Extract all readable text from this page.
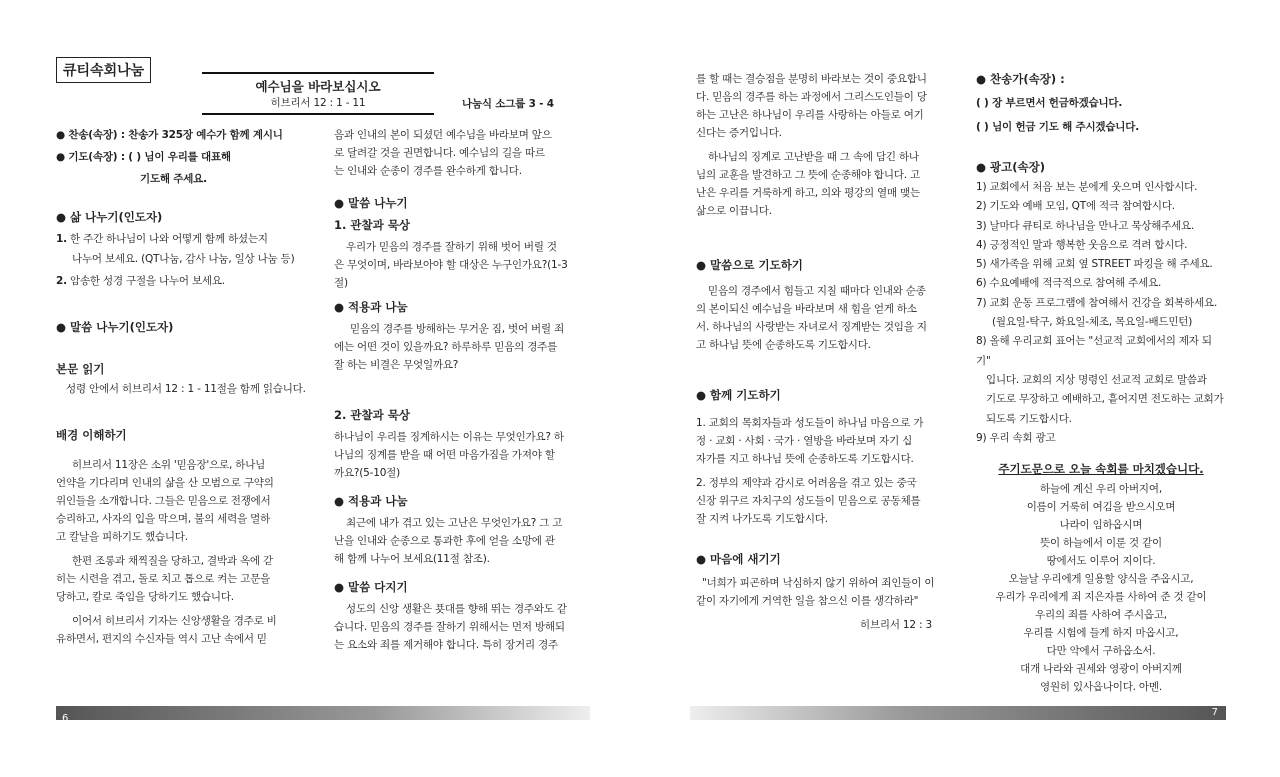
큐티속회나눔
예수님을 바라보십시오
히브리서 12 : 1 - 11	나눔식 소그룹 3 - 4
● 찬송(속장) : 찬송가 325장 예수가 함께 계시니
● 기도(속장) : ( ) 님이 우리를 대표해
기도해 주세요.
● 삶 나누기(인도자)
1. 한 주간 하나님이 나와 어떻게 함께 하셨는지
나누어 보세요. (QT나눔, 감사 나눔, 일상 나눔 등)
2. 암송한 성경 구절을 나누어 보세요.
● 말씀 나누기(인도자)
본문 읽기
성령 안에서 히브리서 12 : 1 - 11절을 함께 읽습니다.
배경 이해하기
히브리서 11장은 소위 '믿음장'으로, 하나님
언약을 기다리며 인내의 삶을 산 모범으로 구약의
위인들을 소개합니다. 그들은 믿음으로 전쟁에서
승리하고, 사자의 입을 막으며, 불의 세력을 멸하
고 칼날을 피하기도 했습니다.
한편 조롱과 채찍질을 당하고, 결박과 옥에 갇
히는 시련을 겪고, 돌로 치고 톱으로 켜는 고문을
당하고, 칼로 죽임을 당하기도 했습니다.
이어서 히브리서 기자는 신앙생활을 경주로 비
유하면서, 편지의 수신자들 역시 고난 속에서 믿
음과 인내의 본이 되셨던 예수님을 바라보며 앞으
로 달려갈 것을 권면합니다. 예수님의 길을 따르
는 인내와 순종이 경주를 완수하게 합니다.
● 말씀 나누기
1. 관찰과 묵상
우리가 믿음의 경주를 잘하기 위해 벗어 버릴 것
은 무엇이며, 바라보아야 할 대상은 누구인가요?(1-3
절)
● 적용과 나눔
믿음의 경주를 방해하는 무거운 짐, 벗어 버릴 죄
에는 어떤 것이 있을까요? 하루하루 믿음의 경주를
잘 하는 비결은 무엇일까요?
2. 관찰과 묵상
하나님이 우리를 징계하시는 이유는 무엇인가요? 하
나님의 징계를 받을 때 어떤 마음가짐을 가져야 할
까요?(5-10절)
● 적용과 나눔
최근에 내가 겪고 있는 고난은 무엇인가요? 그 고
난을 인내와 순종으로 통과한 후에 얻을 소망에 관
해 함께 나누어 보세요(11절 참조).
● 말씀 다지기
성도의 신앙 생활은 푯대를 향해 뛰는 경주와도 같
습니다. 믿음의 경주를 잘하기 위해서는 먼저 방해되
는 요소와 죄를 제거해야 합니다. 특히 장거리 경주
6
를 할 때는 결승점을 분명히 바라보는 것이 중요합니
다. 믿음의 경주를 하는 과정에서 그리스도인들이 당
하는 고난은 하나님이 우리를 사랑하는 아들로 여기
신다는 증거입니다.
하나님의 징계로 고난받을 때 그 속에 담긴 하나
님의 교훈을 발견하고 그 뜻에 순종해야 합니다. 고
난은 우리를 거룩하게 하고, 의와 평강의 열매 맺는
삶으로 이끕니다.
● 말씀으로 기도하기
믿음의 경주에서 힘들고 지칠 때마다 인내와 순종
의 본이되신 예수님을 바라보며 새 힘을 얻게 하소
서. 하나님의 사랑받는 자녀로서 징계받는 것임을 지
고 하나님 뜻에 순종하도록 기도합시다.
● 함께 기도하기
1. 교회의 목회자들과 성도들이 하나님 마음으로 가
정 · 교회 · 사회 · 국가 · 열방을 바라보며 자기 십
자가를 지고 하나님 뜻에 순종하도록 기도합시다.
2. 정부의 제약과 감시로 어려움을 겪고 있는 중국
신장 위구르 자치구의 성도들이 믿음으로 공동체를
잘 지켜 나가도록 기도합시다.
● 마음에 새기기
"너희가 피곤하며 낙심하지 않기 위하여 죄인들이 이
같이 자기에게 거역한 일을 참으신 이를 생각하라"
히브리서 12 : 3
● 찬송가(속장) :
( ) 장 부르면서 헌금하겠습니다.
( ) 님이 헌금 기도 해 주시겠습니다.
● 광고(속장)
1) 교회에서 처음 보는 분에게 웃으며 인사합시다.
2) 기도와 예배 모임, QT에 적극 참여합시다.
3) 날마다 큐티로 하나님을 만나고 묵상해주세요.
4) 긍정적인 말과 행복한 웃음으로 격려 합시다.
5) 새가족을 위해 교회 옆 STREET 파킹을 해 주세요.
6) 수요예배에 적극적으로 참여해 주세요.
7) 교회 운동 프로그램에 참여해서 건강을 회복하세요.
(월요일-탁구, 화요일-체조, 목요일-배드민턴)
8) 올해 우리교회 표어는 "선교적 교회에서의 제자 되기"
입니다. 교회의 지상 명령인 선교적 교회로 말씀과
기도로 무장하고 예배하고, 흩어지면 전도하는 교회가
되도록 기도합시다.
9) 우리 속회 광고
주기도문으로 오늘 속회를 마치겠습니다.
하늘에 계신 우리 아버지여,
이름이 거룩히 여김을 받으시오며
나라이 임하옵시며
뜻이 하늘에서 이룬 것 같이
땅에서도 이루어 지이다.
오늘날 우리에게 일용할 양식을 주옵시고,
우리가 우리에게 죄 지은자를 사하여 준 것 같이
우리의 죄를 사하여 주시옵고,
우리를 시험에 들게 하지 마옵시고,
다만 악에서 구하옵소서.
대개 나라와 권세와 영광이 아버지께
영원히 있사옵나이다. 아멘.
7
